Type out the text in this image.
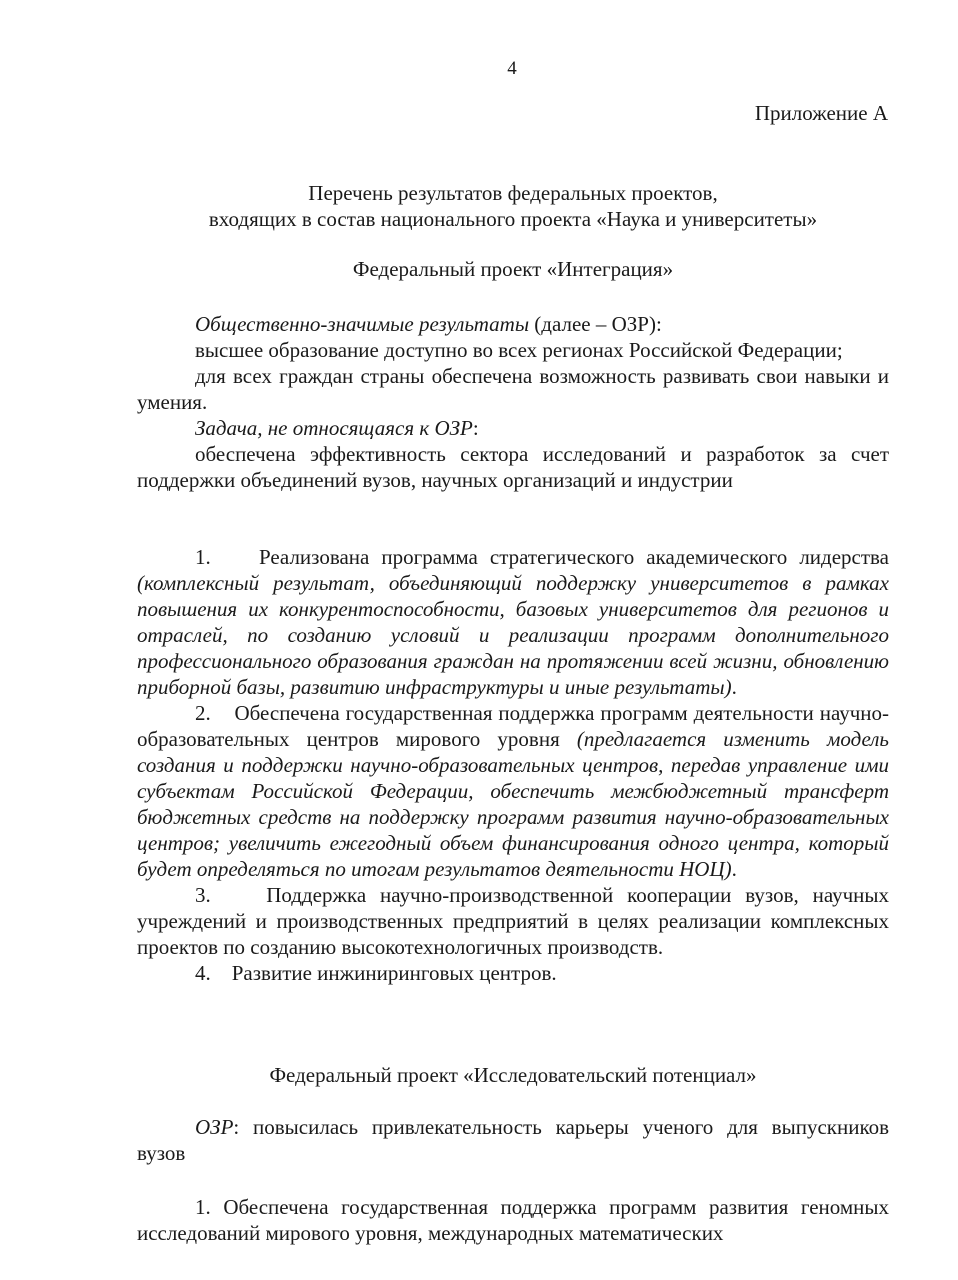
4
Приложение А
Перечень результатов федеральных проектов,
входящих в состав национального проекта «Наука и университеты»
Федеральный проект «Интеграция»

Общественно-значимые результаты (далее – ОЗР):

высшее образование доступно во всех регионах Российской Федерации;

для всех граждан страны обеспечена возможность развивать свои навыки и умения.

Задача, не относящаяся к ОЗР:

обеспечена эффективность сектора исследований и разработок за счет поддержки объединений вузов, научных организаций и индустрии

1. Реализована программа стратегического академического лидерства (комплексный результат, объединяющий поддержку университетов в рамках повышения их конкурентоспособности, базовых университетов для регионов и отраслей, по созданию условий и реализации программ дополнительного профессионального образования граждан на протяжении всей жизни, обновлению приборной базы, развитию инфраструктуры и иные результаты).

2. Обеспечена государственная поддержка программ деятельности научно-образовательных центров мирового уровня (предлагается изменить модель создания и поддержки научно-образовательных центров, передав управление ими субъектам Российской Федерации, обеспечить межбюджетный трансферт бюджетных средств на поддержку программ развития научно-образовательных центров; увеличить ежегодный объем финансирования одного центра, который будет определяться по итогам результатов деятельности НОЦ).

3.	Поддержка научно-производственной кооперации вузов, научных учреждений и производственных предприятий в целях реализации комплексных проектов по созданию высокотехнологичных производств.

4. Развитие инжиниринговых центров.

Федеральный проект «Исследовательский потенциал»

ОЗР: повысилась привлекательность карьеры ученого для выпускников вузов

1. Обеспечена государственная поддержка программ развития геномных исследований мирового уровня, международных математических
